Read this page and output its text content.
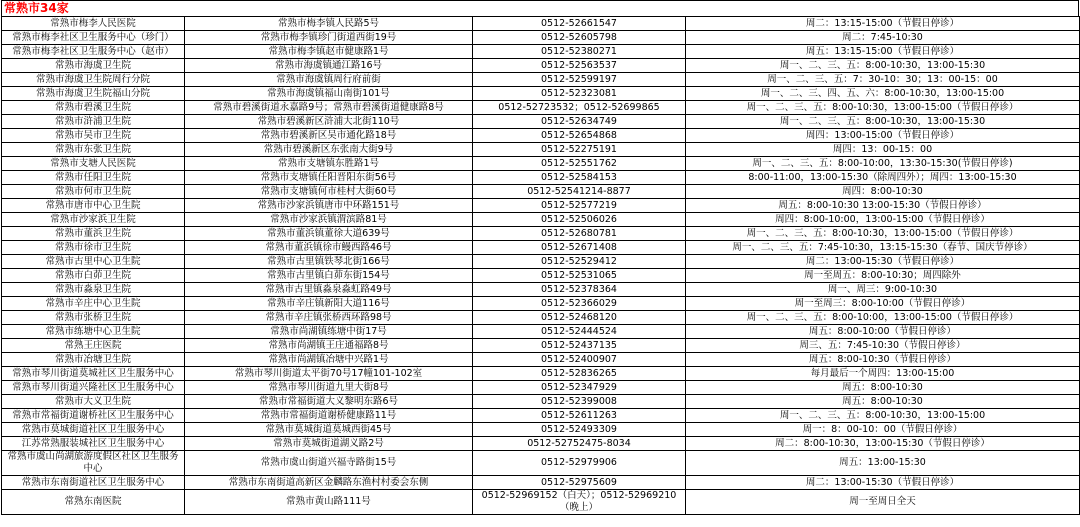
常熟市34家
常熟市梅李人民医院	常熟市梅李镇人民路5号	0512-52661547	周二：13:15-15:00（节假日停诊）
常熟市梅李社区卫生服务中心（珍门）	常熟市梅李镇珍门街道西街19号	0512-52605798	周二：7:45-10:30
常熟市梅李社区卫生服务中心（赵市）	常熟市梅李镇赵市健康路1号	0512-52380271	周五：13:15-15:00（节假日停诊）
常熟市海虞卫生院	常熟市海虞镇通江路16号	0512-52563537	周一、二、三、五：8:00-10:30，13:00-15:30
常熟市海虞卫生院周行分院	常熟市海虞镇周行府前街	0512-52599197	周一、二、三、五：7：30-10：30；13：00-15：00
常熟市海虞卫生院福山分院	常熟市海虞镇福山南街101号	0512-52323081	周一、二、三、四、五、六：8:00-10:30，13:00-15:00
常熟市碧溪卫生院	常熟市碧溪街道永嘉路9号；常熟市碧溪街道健康路8号	0512-52723532；0512-52699865	周一、二、三、五：8:00-10:30，13:00-15:00（节假日停诊）
常熟市浒浦卫生院	常熟市碧溪新区浒浦大北街110号	0512-52634749	周一、二、三、五：8:00-10:30，13:00-15:30
常熟市吴市卫生院	常熟市碧溪新区吴市通化路18号	0512-52654868	周四：13:00-15:00（节假日停诊）
常熟市东张卫生院	常熟市碧溪新区东张南大街9号	0512-52275191	周四：13：00-15：00
常熟市支塘人民医院	常熟市支塘镇东胜路1号	0512-52551762	周一、二、三、五：8:00-10:00，13:30-15:30(节假日停诊)
常熟市任阳卫生院	常熟市支塘镇任阳晋阳东街56号	0512-52584153	8:00-11:00，13:00-15:30（除周四外）；周四：13:00-15:30
常熟市何市卫生院	常熟市支塘镇何市桂村大街60号	0512-52541214-8877	周四：8:00-10:30
常熟市唐市中心卫生院	常熟市沙家浜镇唐市中环路151号	0512-52577219	周五：8:00-10:30 13:00-15:30（节假日停诊）
常熟市沙家浜卫生院	常熟市沙家浜镇渭滨路81号	0512-52506026	周四：8:00-10:00，13:00-15:00（节假日停诊）
常熟市董浜卫生院	常熟市董浜镇董徐大道639号	0512-52680781	周一、二、三、五：8:00-10:30，13:00-15:00（节假日停诊）
常熟市徐市卫生院	常熟市董浜镇徐市鳗西路46号	0512-52671408	周一、二、三、五：7:45-10:30，13:15-15:30（春节、国庆节停诊）
常熟市古里中心卫生院	常熟市古里镇铁琴北街166号	0512-52529412	周二：13:00-15:30（节假日停诊）
常熟市白茆卫生院	常熟市古里镇白茆东街154号	0512-52531065	周一至周五：8:00-10:30；周四除外
常熟市淼泉卫生院	常熟市古里镇淼泉淼虹路49号	0512-52378364	周一、周三：9:00-10:30
常熟市辛庄中心卫生院	常熟市辛庄镇新阳大道116号	0512-52366029	周一至周三：8:00-10:00（节假日停诊）
常熟市张桥卫生院	常熟市辛庄镇张桥西环路98号	0512-52468120	周一、二、三、五：8:00-10:00，13:00-15:00（节假日停诊）
常熟市练塘中心卫生院	常熟市尚湖镇练塘中街17号	0512-52444524	周五：8:00-10:00（节假日停诊）
常熟王庄医院	常熟市尚湖镇王庄通福路8号	0512-52437135	周三、五：7:45-10:30（节假日停诊）
常熟市冶塘卫生院	常熟市尚湖镇冶塘中兴路1号	0512-52400907	周五：8:00-10:30（节假日停诊）
常熟市琴川街道莫城社区卫生服务中心	常熟市琴川街道太平街70号17幢101-102室	0512-52836265	每月最后一个周四：13:00-15:00
常熟市琴川街道兴隆社区卫生服务中心	常熟市琴川街道九里大街8号	0512-52347929	周五：8:00-10:30
常熟市大义卫生院	常熟市常福街道大义黎明东路6号	0512-52399008	周五：8:00-10:30
常熟市常福街道谢桥社区卫生服务中心	常熟市常福街道谢桥健康路11号	0512-52611263	周一、二、三、五：8:00-10:30，13:00-15:00
常熟市莫城街道社区卫生服务中心	常熟市莫城街道莫城西街45号	0512-52493309	周一：8：00-10：00（节假日停诊）
江苏常熟服装城社区卫生服务中心	常熟市莫城街道湖义路2号	0512-52752475-8034	周二：8:00-10:30，13:00-15:30（节假日停诊）
常熟市虞山尚湖旅游度假区社区卫生服务中心	常熟市虞山街道兴福寺路街15号	0512-52979906	周五：13:00-15:30
常熟市东南街道社区卫生服务中心	常熟市东南街道高新区金麟路东渔村村委会东侧	0512-52975609	周二：13:00-15:30（节假日停诊）
常熟东南医院	常熟市黄山路111号	0512-52969152（白天）；0512-52969210（晚上）	周一至周日全天
